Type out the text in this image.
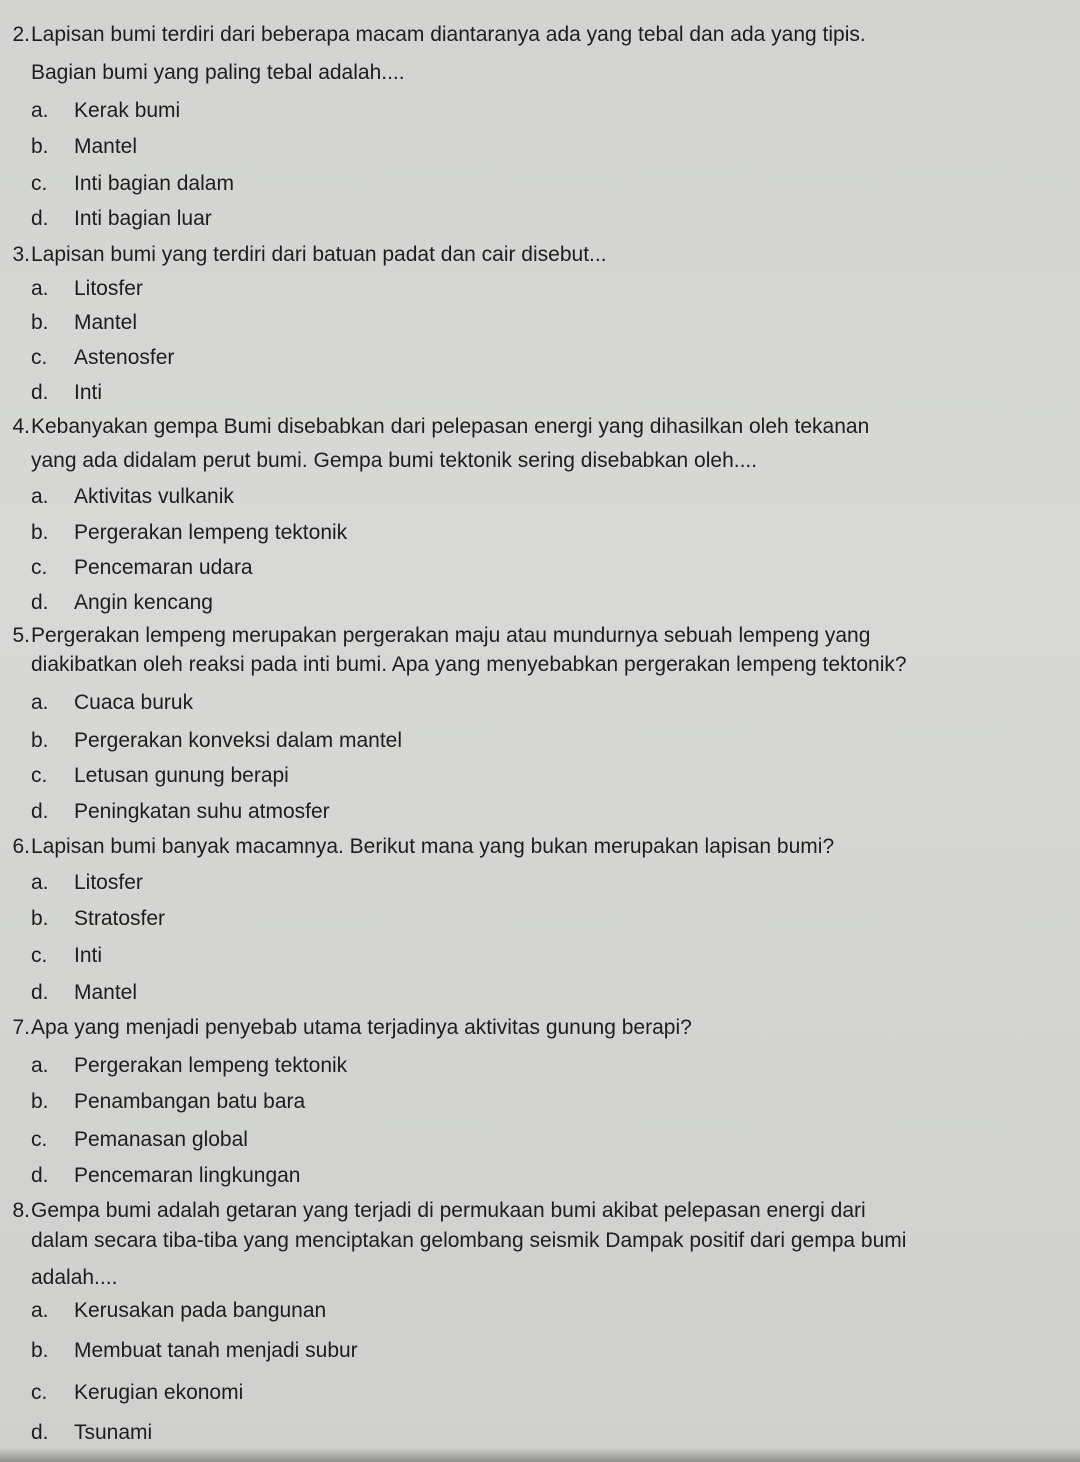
2. Lapisan bumi terdiri dari beberapa macam diantaranya ada yang tebal dan ada yang tipis.
Bagian bumi yang paling tebal adalah....
a. Kerak bumi
b. Mantel
c. Inti bagian dalam
d. Inti bagian luar
3. Lapisan bumi yang terdiri dari batuan padat dan cair disebut...
a. Litosfer
b. Mantel
c. Astenosfer
d. Inti
4. Kebanyakan gempa Bumi disebabkan dari pelepasan energi yang dihasilkan oleh tekanan
yang ada didalam perut bumi. Gempa bumi tektonik sering disebabkan oleh....
a. Aktivitas vulkanik
b. Pergerakan lempeng tektonik
c. Pencemaran udara
d. Angin kencang
5. Pergerakan lempeng merupakan pergerakan maju atau mundurnya sebuah lempeng yang
diakibatkan oleh reaksi pada inti bumi. Apa yang menyebabkan pergerakan lempeng tektonik?
a. Cuaca buruk
b. Pergerakan konveksi dalam mantel
c. Letusan gunung berapi
d. Peningkatan suhu atmosfer
6. Lapisan bumi banyak macamnya. Berikut mana yang bukan merupakan lapisan bumi?
a. Litosfer
b. Stratosfer
c. Inti
d. Mantel
7. Apa yang menjadi penyebab utama terjadinya aktivitas gunung berapi?
a. Pergerakan lempeng tektonik
b. Penambangan batu bara
c. Pemanasan global
d. Pencemaran lingkungan
8. Gempa bumi adalah getaran yang terjadi di permukaan bumi akibat pelepasan energi dari
dalam secara tiba-tiba yang menciptakan gelombang seismik Dampak positif dari gempa bumi
adalah....
a. Kerusakan pada bangunan
b. Membuat tanah menjadi subur
c. Kerugian ekonomi
d. Tsunami
